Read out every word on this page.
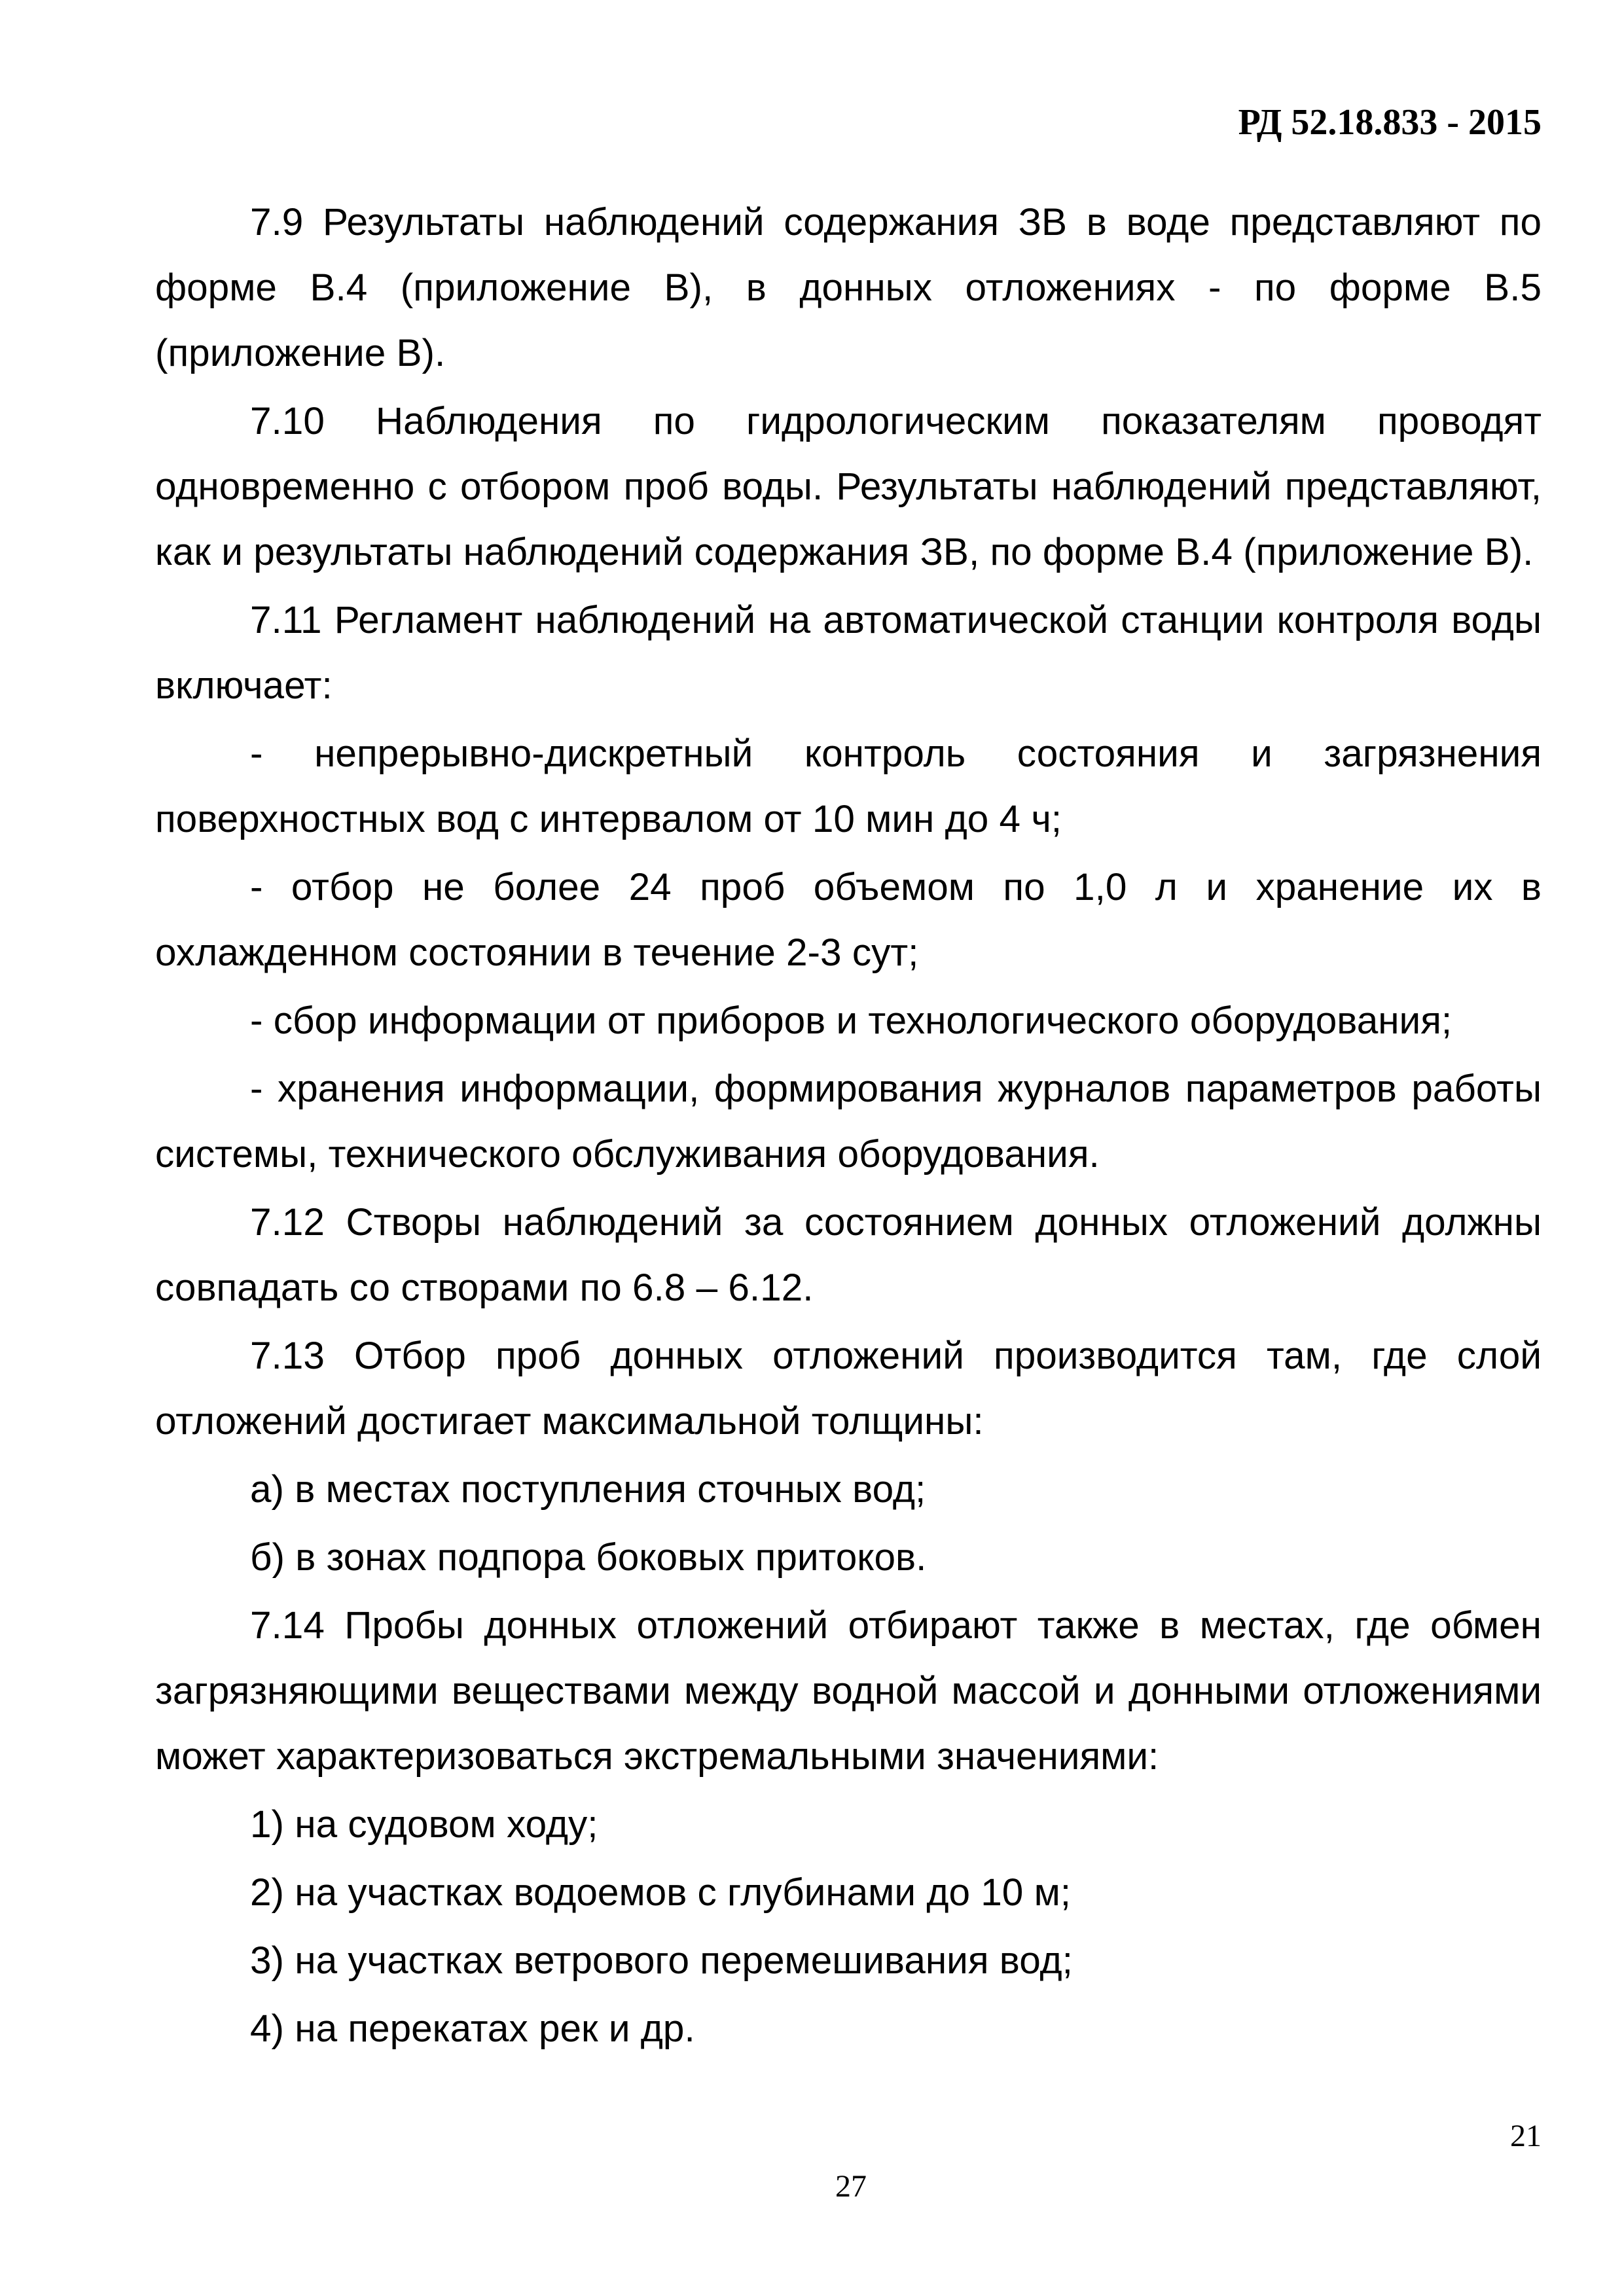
РД 52.18.833 - 2015

7.9 Результаты наблюдений содержания ЗВ в воде представляют по форме В.4 (приложение В), в донных отложениях - по форме В.5 (приложение В).

7.10 Наблюдения по гидрологическим показателям проводят одновременно с отбором проб воды. Результаты наблюдений представляют, как и результаты наблюдений содержания ЗВ, по форме В.4 (приложение В).

7.11 Регламент наблюдений на автоматической станции контроля воды включает:

- непрерывно-дискретный контроль состояния и загрязнения поверхностных вод с интервалом от 10 мин до 4 ч;

- отбор не более 24 проб объемом по 1,0 л и хранение их в охлажденном состоянии в течение 2-3 сут;

- сбор информации от приборов и технологического оборудования;

- хранения информации, формирования журналов параметров работы системы, технического обслуживания оборудования.

7.12 Створы наблюдений за состоянием донных отложений должны совпадать со створами по 6.8 – 6.12.

7.13 Отбор проб донных отложений производится там, где слой отложений достигает максимальной толщины:

а) в местах поступления сточных вод;

б) в зонах подпора боковых притоков.

7.14 Пробы донных отложений отбирают также в местах, где обмен загрязняющими веществами между водной массой и донными отложениями может характеризоваться экстремальными значениями:

1) на судовом ходу;

2) на участках водоемов с глубинами до 10 м;

3) на участках ветрового перемешивания вод;

4) на перекатах рек и др.

21
27
